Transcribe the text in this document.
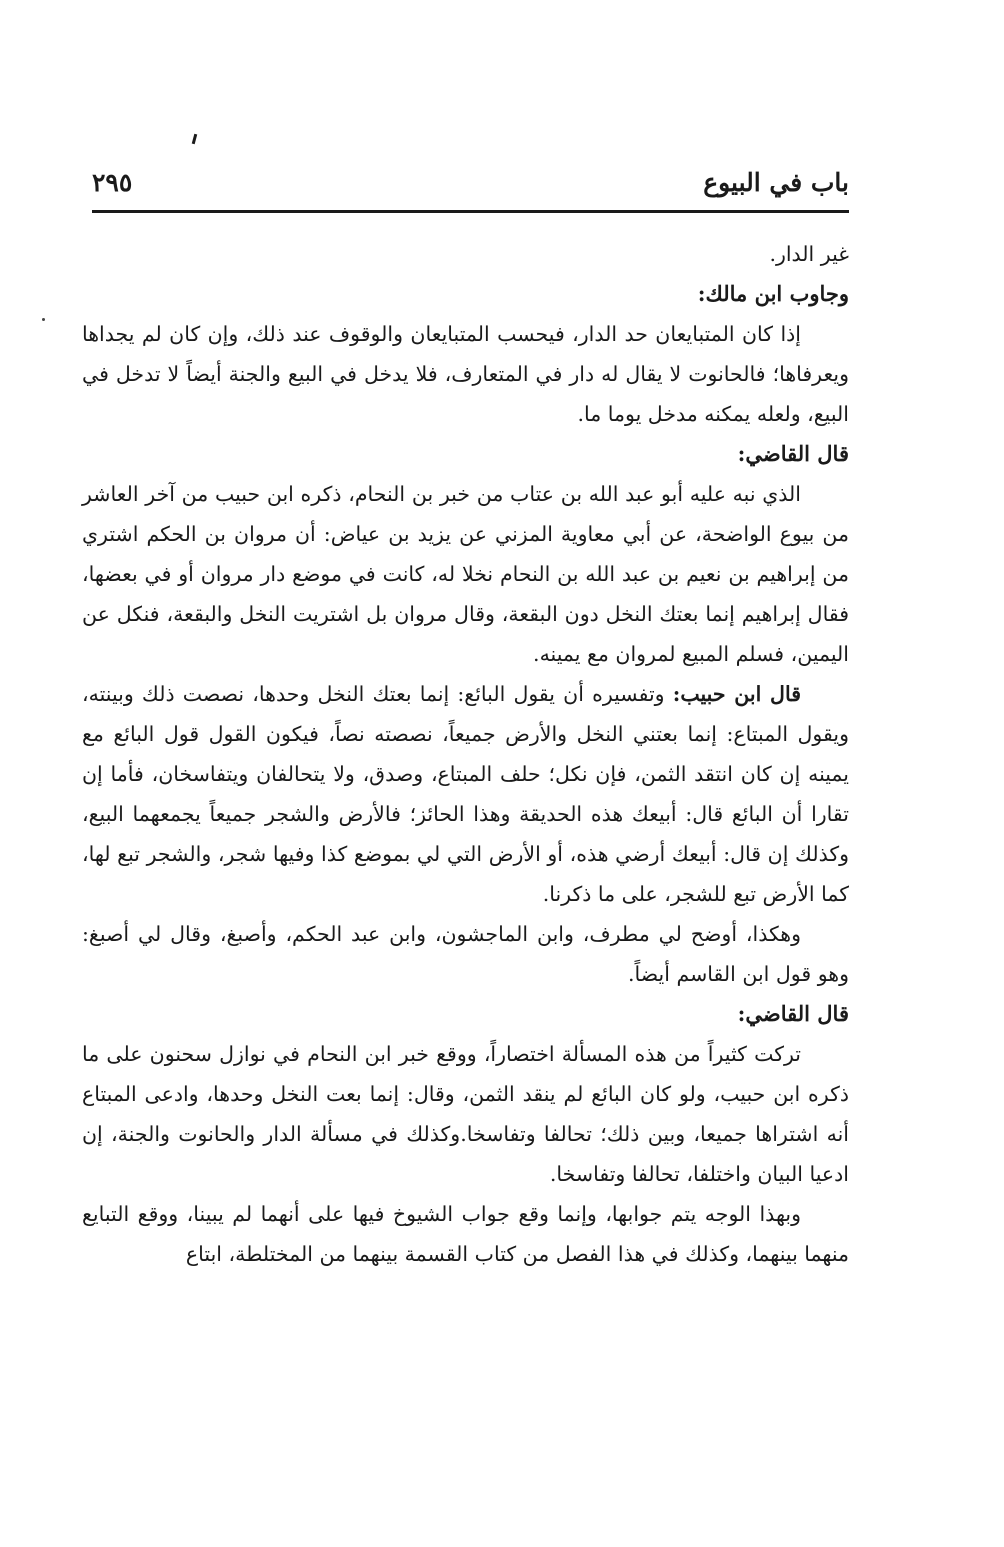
باب في البيوع
٢٩٥

غير الدار.

وجاوب ابن مالك:

إذا كان المتبايعان حد الدار، فيحسب المتبايعان والوقوف عند ذلك، وإن كان لم يجداها ويعرفاها؛ فالحانوت لا يقال له دار في المتعارف، فلا يدخل في البيع والجنة أيضاً لا تدخل في البيع، ولعله يمكنه مدخل يوما ما.

قال القاضي:

الذي نبه عليه أبو عبد الله بن عتاب من خبر بن النحام، ذكره ابن حبيب من آخر العاشر من بيوع الواضحة، عن أبي معاوية المزني عن يزيد بن عياض: أن مروان بن الحكم اشتري من إبراهيم بن نعيم بن عبد الله بن النحام نخلا له، كانت في موضع دار مروان أو في بعضها، فقال إبراهيم إنما بعتك النخل دون البقعة، وقال مروان بل اشتريت النخل والبقعة، فنكل عن اليمين، فسلم المبيع لمروان مع يمينه.

قال ابن حبيب: وتفسيره أن يقول البائع: إنما بعتك النخل وحدها، نصصت ذلك وبينته، ويقول المبتاع: إنما بعتني النخل والأرض جميعاً، نصصته نصاً، فيكون القول قول البائع مع يمينه إن كان انتقد الثمن، فإن نكل؛ حلف المبتاع، وصدق، ولا يتحالفان ويتفاسخان، فأما إن تقارا أن البائع قال: أبيعك هذه الحديقة وهذا الحائز؛ فالأرض والشجر جميعاً يجمعهما البيع، وكذلك إن قال: أبيعك أرضي هذه، أو الأرض التي لي بموضع كذا وفيها شجر، والشجر تبع لها، كما الأرض تبع للشجر، على ما ذكرنا.

وهكذا، أوضح لي مطرف، وابن الماجشون، وابن عبد الحكم، وأصبغ، وقال لي أصبغ: وهو قول ابن القاسم أيضاً.

قال القاضي:

تركت كثيراً من هذه المسألة اختصاراً، ووقع خبر ابن النحام في نوازل سحنون على ما ذكره ابن حبيب، ولو كان البائع لم ينقد الثمن، وقال: إنما بعت النخل وحدها، وادعى المبتاع أنه اشتراها جميعا، وبين ذلك؛ تحالفا وتفاسخا.وكذلك في مسألة الدار والحانوت والجنة، إن ادعيا البيان واختلفا، تحالفا وتفاسخا.

وبهذا الوجه يتم جوابها، وإنما وقع جواب الشيوخ فيها على أنهما لم يبينا، ووقع التبايع منهما بينهما، وكذلك في هذا الفصل من كتاب القسمة بينهما من المختلطة، ابتاع
